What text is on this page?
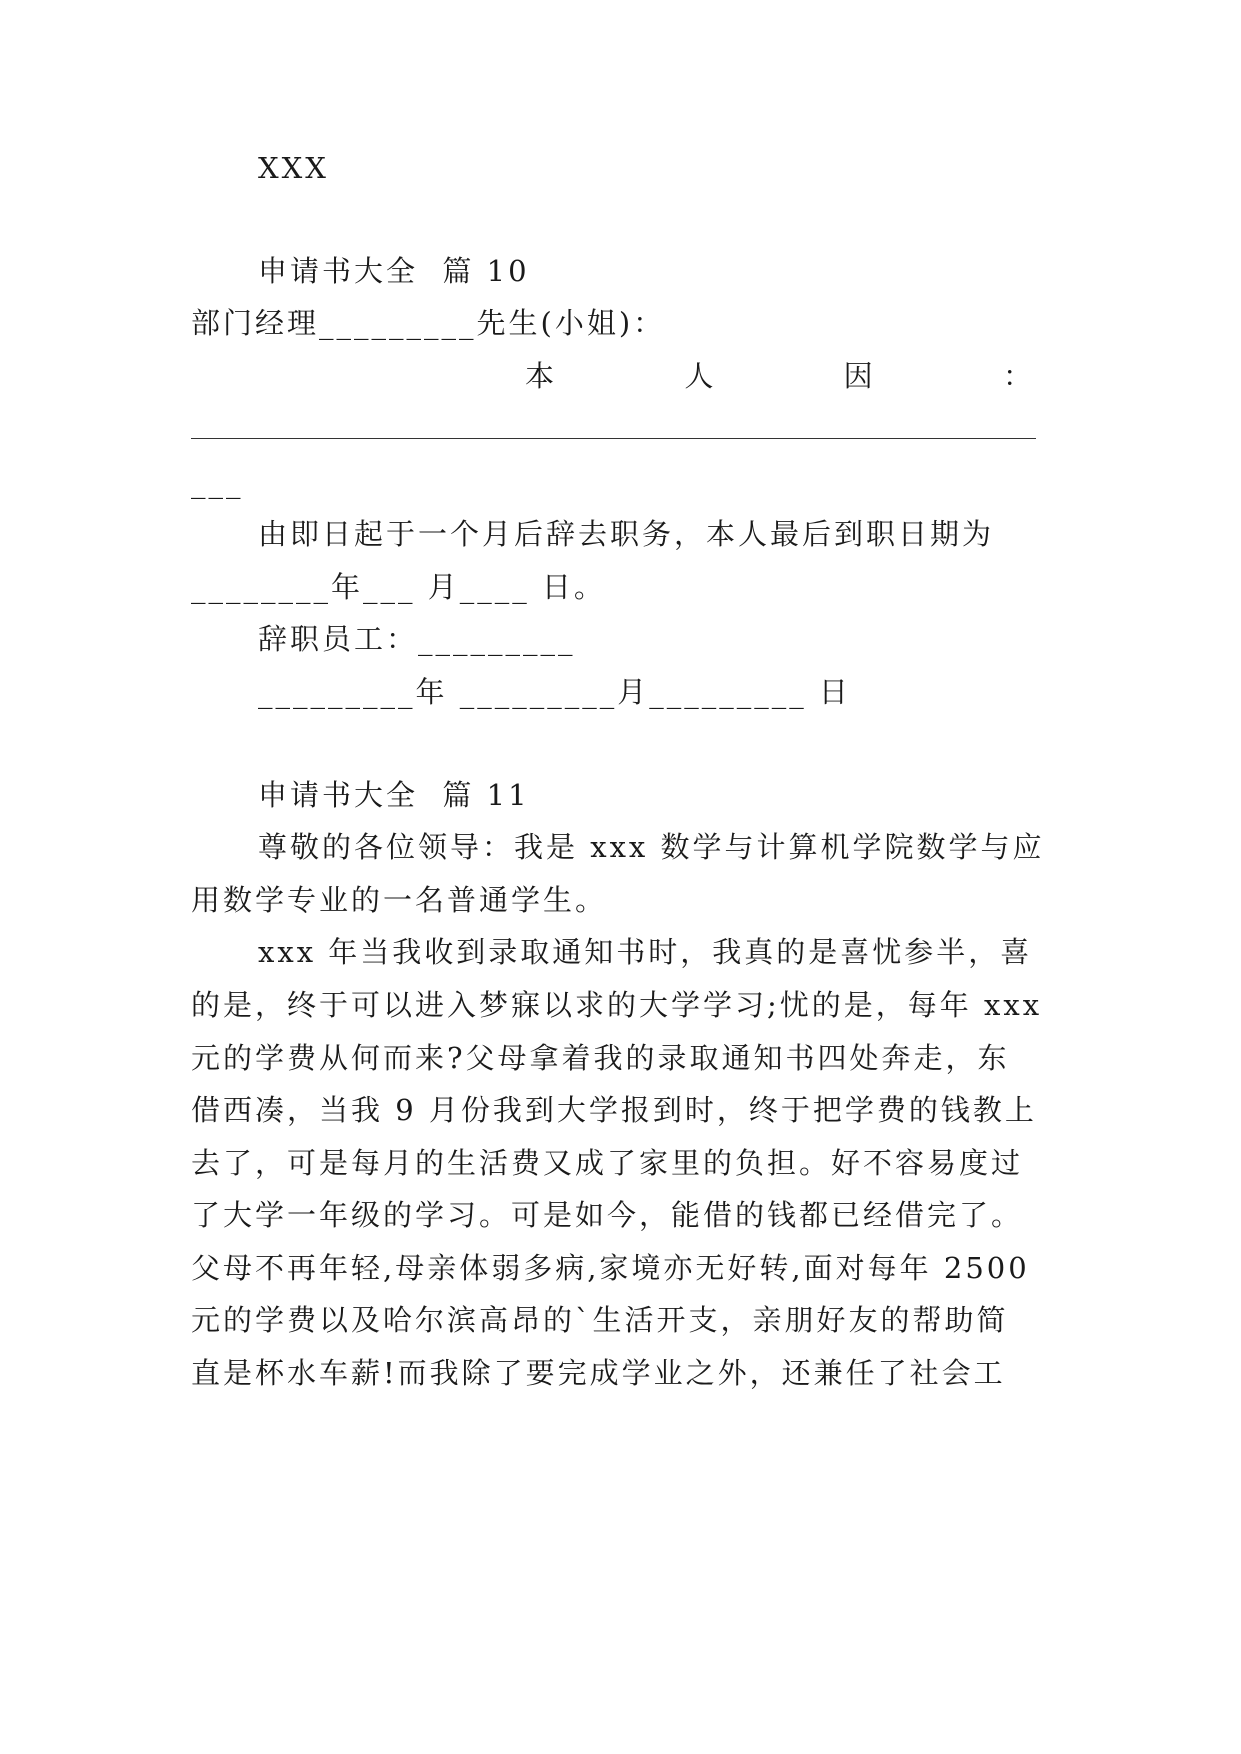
XXX
申请书大全  篇 10
部门经理_________先生(小姐)：
本	人	因	：
___
由即日起于一个月后辞去职务，本人最后到职日期为
________年___ 月____ 日。
辞职员工：_________
_________年 _________月_________ 日
申请书大全  篇 11
尊敬的各位领导：我是 xxx 数学与计算机学院数学与应
用数学专业的一名普通学生。
xxx 年当我收到录取通知书时，我真的是喜忧参半，喜
的是，终于可以进入梦寐以求的大学学习;忧的是，每年 xxx
元的学费从何而来?父母拿着我的录取通知书四处奔走，东
借西凑，当我 9 月份我到大学报到时，终于把学费的钱教上
去了，可是每月的生活费又成了家里的负担。好不容易度过
了大学一年级的学习。可是如今，能借的钱都已经借完了。
父母不再年轻,母亲体弱多病,家境亦无好转,面对每年 2500
元的学费以及哈尔滨高昂的`生活开支，亲朋好友的帮助简
直是杯水车薪!而我除了要完成学业之外，还兼任了社会工
